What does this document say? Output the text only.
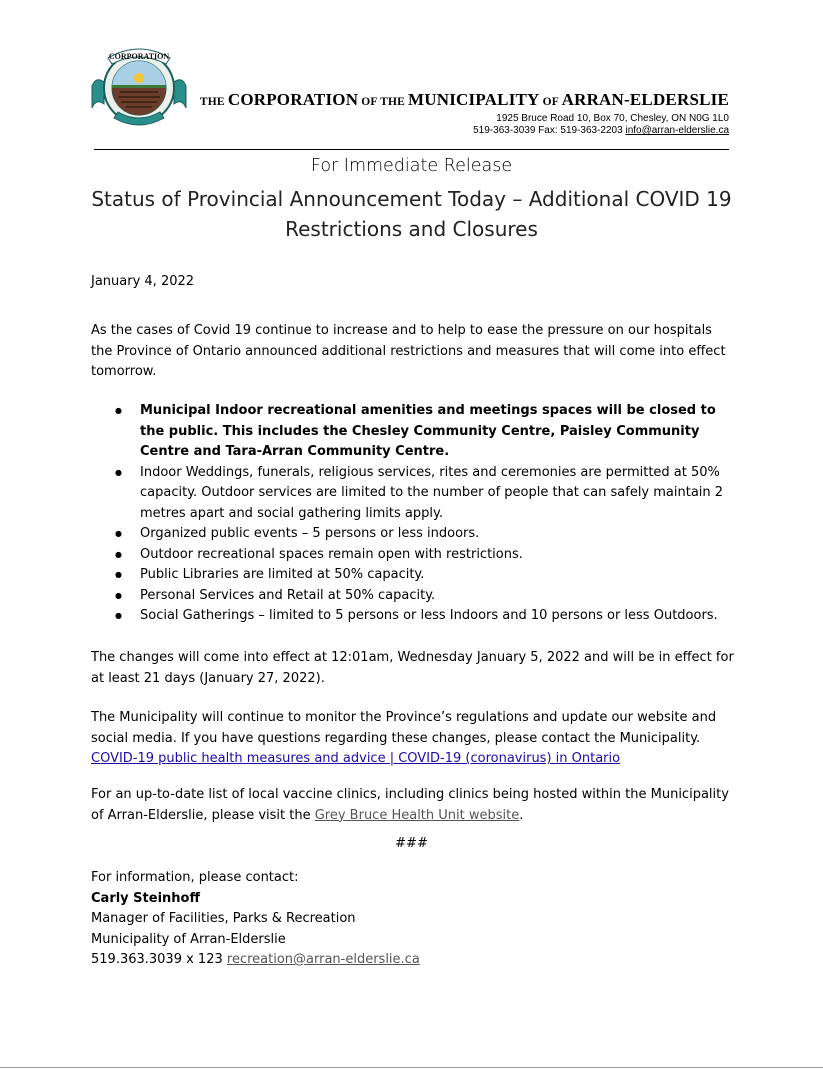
CORPORATION
THE CORPORATION OF THE MUNICIPALITY OF ARRAN-ELDERSLIE
1925 Bruce Road 10, Box 70, Chesley, ON N0G 1L0
519-363-3039 Fax: 519-363-2203 info@arran-elderslie.ca
For Immediate Release
Status of Provincial Announcement Today – Additional COVID 19
Restrictions and Closures
January 4, 2022
As the cases of Covid 19 continue to increase and to help to ease the pressure on our hospitals the Province of Ontario announced additional restrictions and measures that will come into effect tomorrow.
● Municipal Indoor recreational amenities and meetings spaces will be closed to the public. This includes the Chesley Community Centre, Paisley Community Centre and Tara-Arran Community Centre.
● Indoor Weddings, funerals, religious services, rites and ceremonies are permitted at 50% capacity. Outdoor services are limited to the number of people that can safely maintain 2 metres apart and social gathering limits apply.
● Organized public events – 5 persons or less indoors.
● Outdoor recreational spaces remain open with restrictions.
● Public Libraries are limited at 50% capacity.
● Personal Services and Retail at 50% capacity.
● Social Gatherings – limited to 5 persons or less Indoors and 10 persons or less Outdoors.
The changes will come into effect at 12:01am, Wednesday January 5, 2022 and will be in effect for at least 21 days (January 27, 2022).
The Municipality will continue to monitor the Province’s regulations and update our website and social media. If you have questions regarding these changes, please contact the Municipality.
COVID-19 public health measures and advice | COVID-19 (coronavirus) in Ontario
For an up-to-date list of local vaccine clinics, including clinics being hosted within the Municipality of Arran-Elderslie, please visit the Grey Bruce Health Unit website.
###
For information, please contact:
Carly Steinhoff
Manager of Facilities, Parks & Recreation
Municipality of Arran-Elderslie
519.363.3039 x 123 recreation@arran-elderslie.ca
